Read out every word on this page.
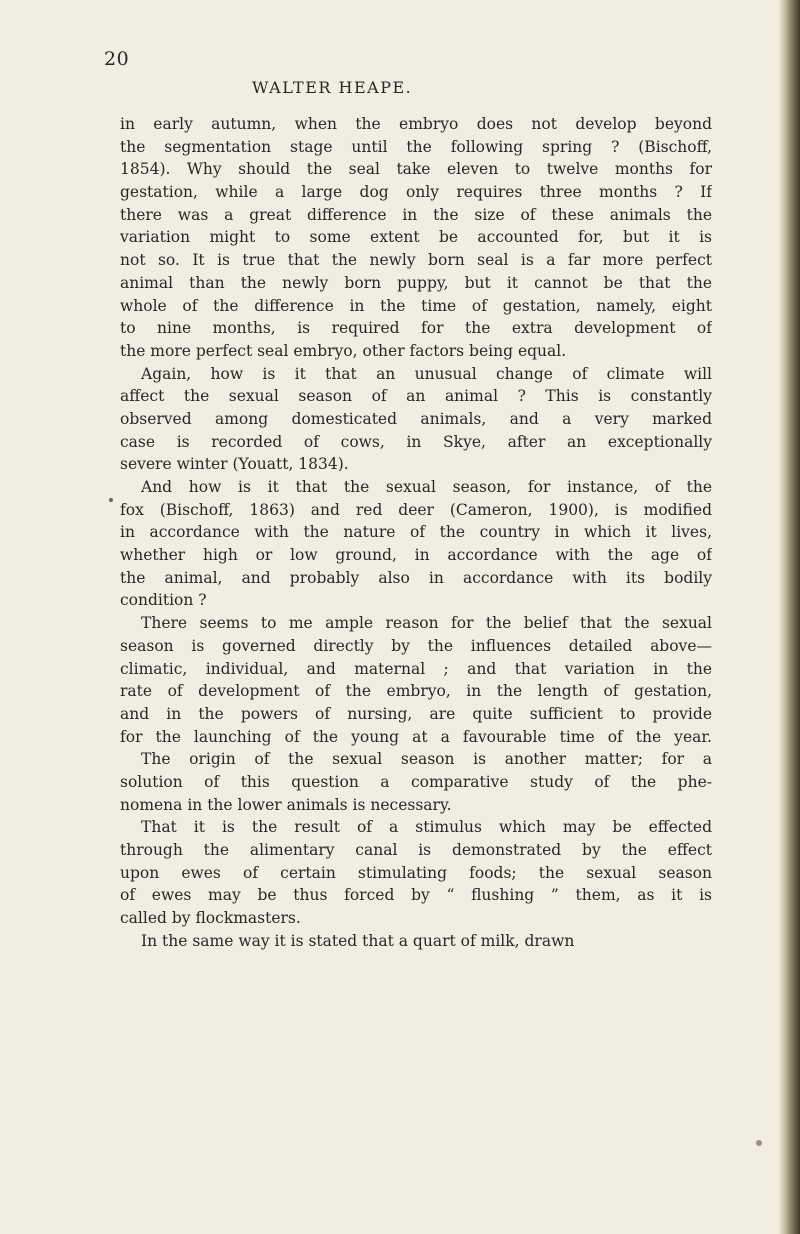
20
WALTER HEAPE.
in early autumn, when the embryo does not develop beyond
the segmentation stage until the following spring ? (Bischoff,
1854). Why should the seal take eleven to twelve months for
gestation, while a large dog only requires three months ? If
there was a great difference in the size of these animals the
variation might to some extent be accounted for, but it is
not so. It is true that the newly born seal is a far more perfect
animal than the newly born puppy, but it cannot be that the
whole of the difference in the time of gestation, namely, eight
to nine months, is required for the extra development of
the more perfect seal embryo, other factors being equal.
Again, how is it that an unusual change of climate will
affect the sexual season of an animal ? This is constantly
observed among domesticated animals, and a very marked
case is recorded of cows, in Skye, after an exceptionally
severe winter (Youatt, 1834).
And how is it that the sexual season, for instance, of the
fox (Bischoff, 1863) and red deer (Cameron, 1900), is modified
in accordance with the nature of the country in which it lives,
whether high or low ground, in accordance with the age of
the animal, and probably also in accordance with its bodily
condition ?
There seems to me ample reason for the belief that the sexual
season is governed directly by the influences detailed above—
climatic, individual, and maternal ; and that variation in the
rate of development of the embryo, in the length of gestation,
and in the powers of nursing, are quite sufficient to provide
for the launching of the young at a favourable time of the year.
The origin of the sexual season is another matter; for a
solution of this question a comparative study of the phe-
nomena in the lower animals is necessary.
That it is the result of a stimulus which may be effected
through the alimentary canal is demonstrated by the effect
upon ewes of certain stimulating foods; the sexual season
of ewes may be thus forced by “ flushing ” them, as it is
called by flockmasters.
In the same way it is stated that a quart of milk, drawn
